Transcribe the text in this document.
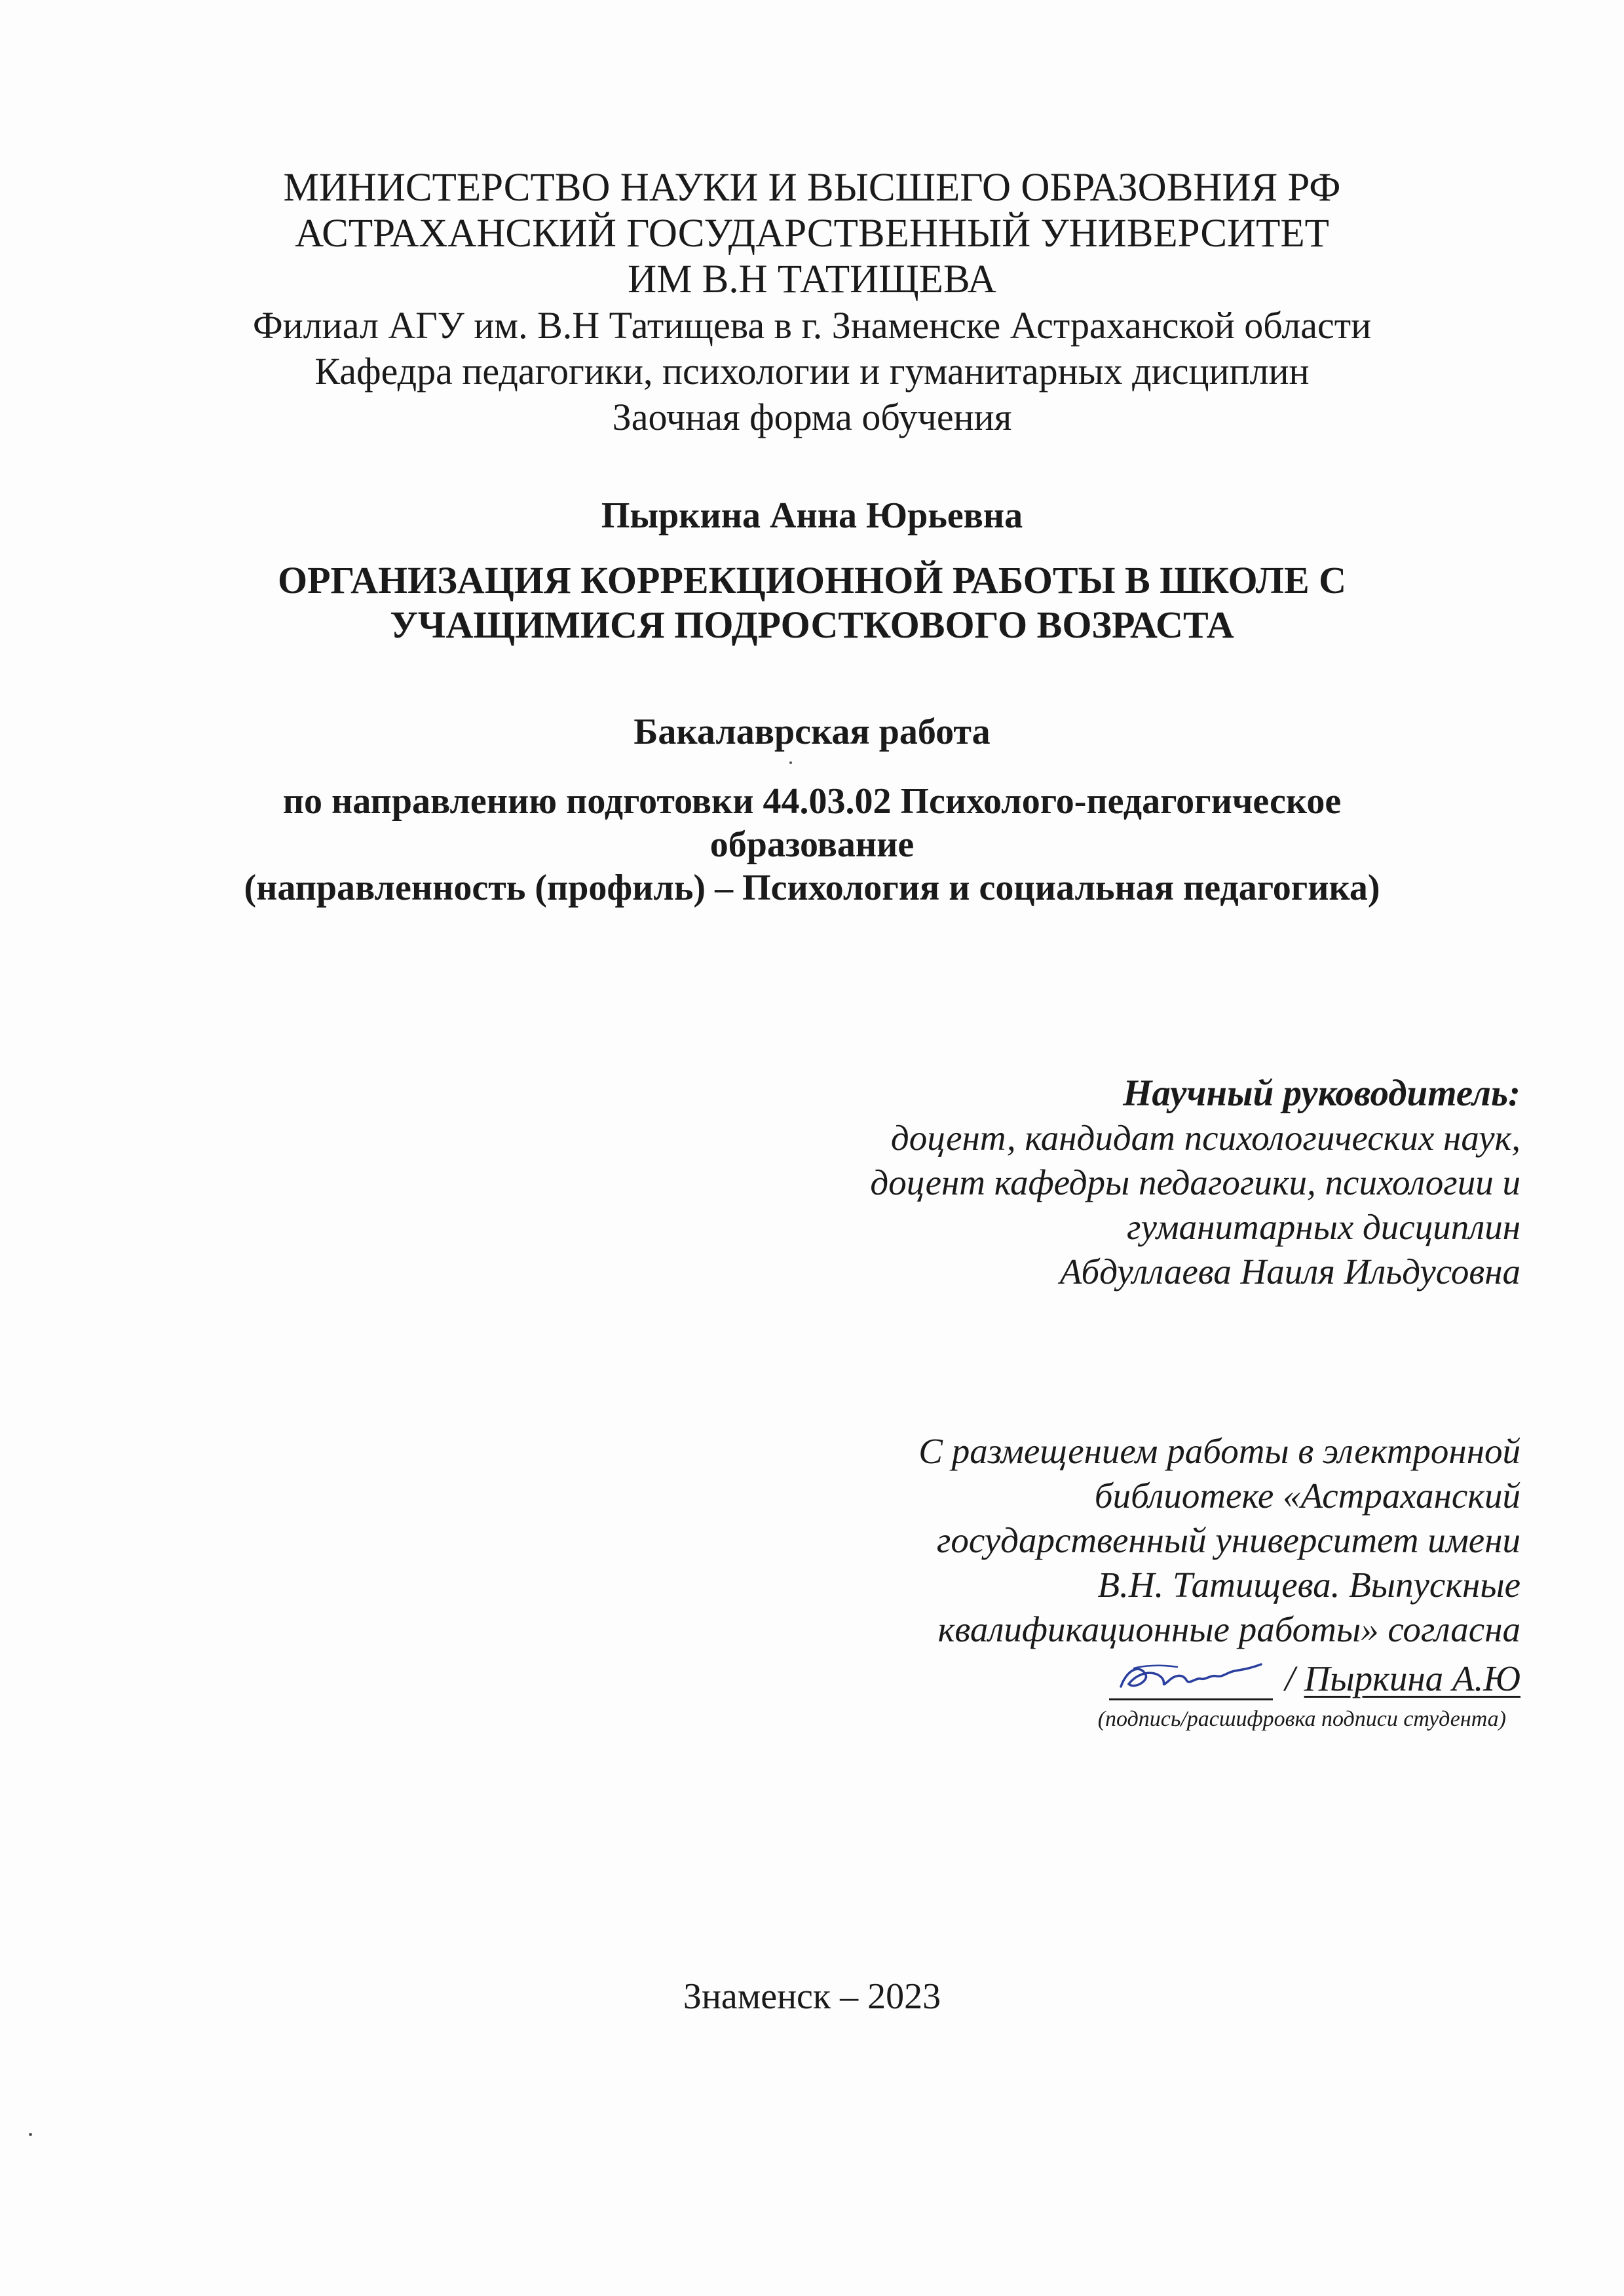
МИНИСТЕРСТВО НАУКИ И ВЫСШЕГО ОБРАЗОВНИЯ РФ
АСТРАХАНСКИЙ ГОСУДАРСТВЕННЫЙ УНИВЕРСИТЕТ
ИМ В.Н ТАТИЩЕВА
Филиал АГУ им. В.Н Татищева в г. Знаменске Астраханской области
Кафедра педагогики, психологии и гуманитарных дисциплин
Заочная форма обучения
Пыркина Анна Юрьевна
ОРГАНИЗАЦИЯ КОРРЕКЦИОННОЙ РАБОТЫ В ШКОЛЕ С
УЧАЩИМИСЯ ПОДРОСТКОВОГО ВОЗРАСТА
Бакалаврская работа
по направлению подготовки 44.03.02 Психолого-педагогическое
образование
(направленность (профиль) – Психология и социальная педагогика)
Научный руководитель:
доцент, кандидат психологических наук,
доцент кафедры педагогики, психологии и
гуманитарных дисциплин
Абдуллаева Наиля Ильдусовна
С размещением работы в электронной
библиотеке «Астраханский
государственный университет имени
В.Н. Татищева. Выпускные
квалификационные работы» согласна
/ Пыркина А.Ю
(подпись/расшифровка подписи студента)
Знаменск – 2023
